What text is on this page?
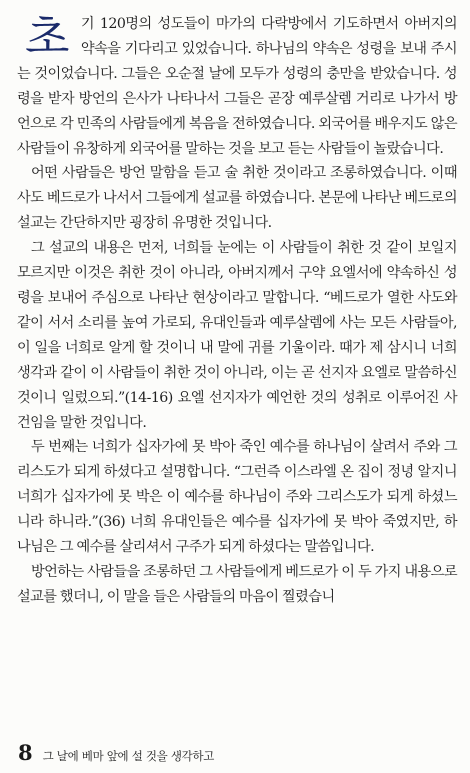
초기 120명의 성도들이 마가의 다락방에서 기도하면서 아버지의 약속을 기다리고 있었습니다. 하나님의 약속은 성령을 보내 주시는 것이었습니다. 그들은 오순절 날에 모두가 성령의 충만을 받았습니다. 성령을 받자 방언의 은사가 나타나서 그들은 곧장 예루살렘 거리로 나가서 방언으로 각 민족의 사람들에게 복음을 전하였습니다. 외국어를 배우지도 않은 사람들이 유창하게 외국어를 말하는 것을 보고 듣는 사람들이 놀랐습니다.

어떤 사람들은 방언 말함을 듣고 술 취한 것이라고 조롱하였습니다. 이때 사도 베드로가 나서서 그들에게 설교를 하였습니다. 본문에 나타난 베드로의 설교는 간단하지만 굉장히 유명한 것입니다.

그 설교의 내용은 먼저, 너희들 눈에는 이 사람들이 취한 것 같이 보일지 모르지만 이것은 취한 것이 아니라, 아버지께서 구약 요엘서에 약속하신 성령을 보내어 주심으로 나타난 현상이라고 말합니다. “베드로가 열한 사도와 같이 서서 소리를 높여 가로되, 유대인들과 예루살렘에 사는 모든 사람들아, 이 일을 너희로 알게 할 것이니 내 말에 귀를 기울이라. 때가 제 삼시니 너희 생각과 같이 이 사람들이 취한 것이 아니라, 이는 곧 선지자 요엘로 말씀하신 것이니 일렀으되.”(14-16) 요엘 선지자가 예언한 것의 성취로 이루어진 사건임을 말한 것입니다.

두 번째는 너희가 십자가에 못 박아 죽인 예수를 하나님이 살려서 주와 그리스도가 되게 하셨다고 설명합니다. “그런즉 이스라엘 온 집이 정녕 알지니 너희가 십자가에 못 박은 이 예수를 하나님이 주와 그리스도가 되게 하셨느니라 하니라.”(36) 너희 유대인들은 예수를 십자가에 못 박아 죽였지만, 하나님은 그 예수를 살리셔서 구주가 되게 하셨다는 말씀입니다.

방언하는 사람들을 조롱하던 그 사람들에게 베드로가 이 두 가지 내용으로 설교를 했더니, 이 말을 들은 사람들의 마음이 찔렸습니

8 그 날에 베마 앞에 설 것을 생각하고
